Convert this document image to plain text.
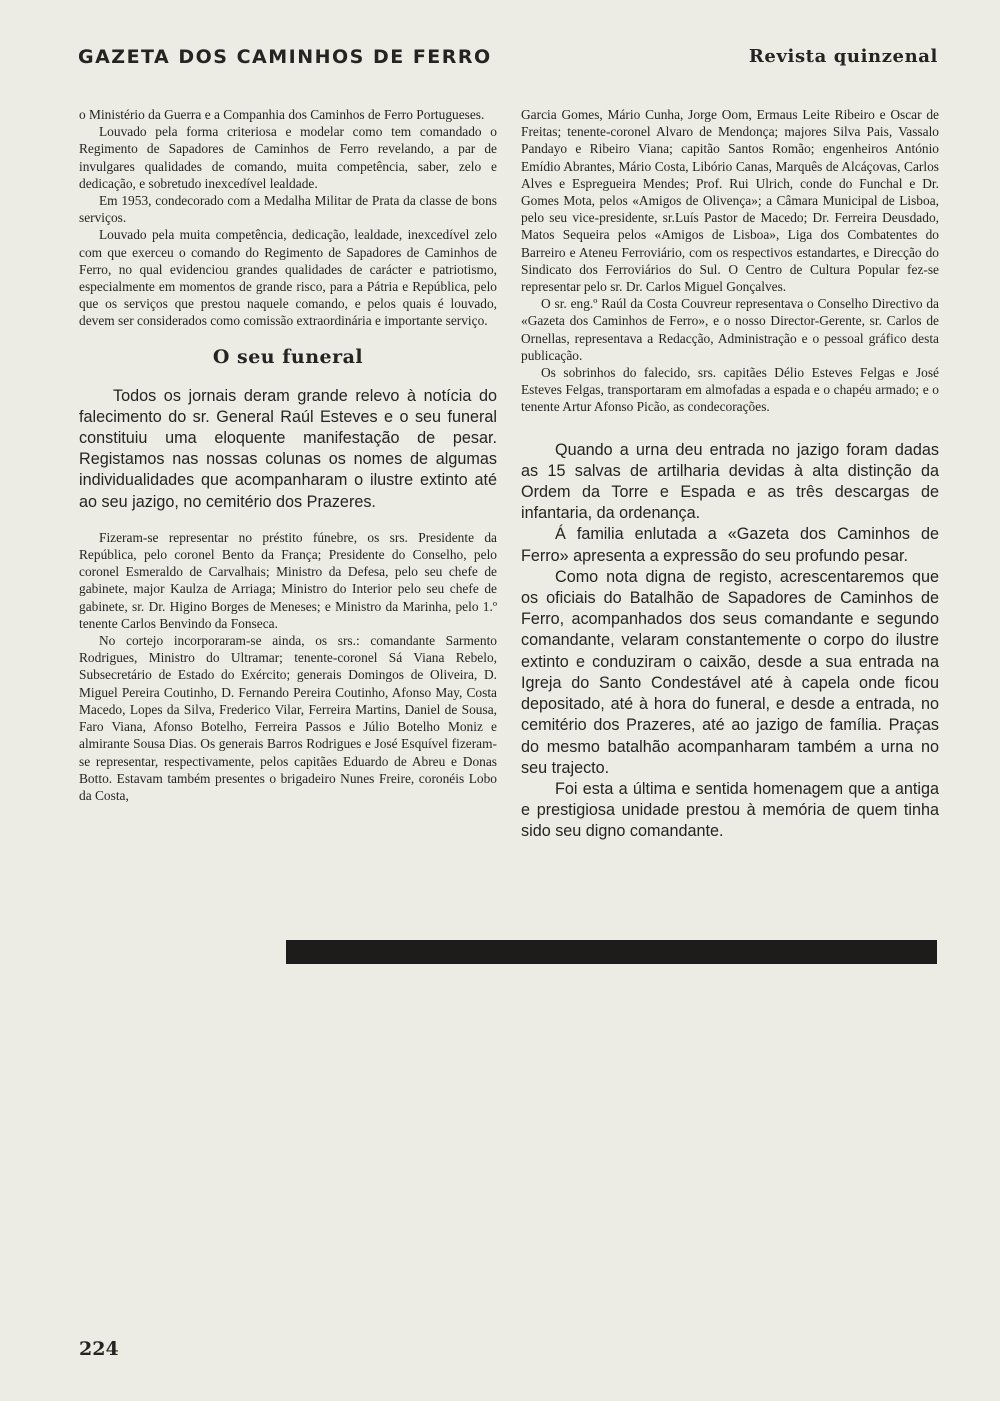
GAZETA DOS CAMINHOS DE FERRO	Revista quinzenal

o Ministério da Guerra e a Companhia dos Caminhos de Ferro Portugueses.

Louvado pela forma criteriosa e modelar como tem comandado o Regimento de Sapadores de Caminhos de Ferro revelando, a par de invulgares qualidades de comando, muita competência, saber, zelo e dedicação, e sobretudo inexcedível lealdade.

Em 1953, condecorado com a Medalha Militar de Prata da classe de bons serviços.

Louvado pela muita competência, dedicação, lealdade, inexcedível zelo com que exerceu o comando do Regimento de Sapadores de Caminhos de Ferro, no qual evidenciou grandes qualidades de carácter e patriotismo, especialmente em momentos de grande risco, para a Pátria e República, pelo que os serviços que prestou naquele comando, e pelos quais é louvado, devem ser considerados como comissão extraordinária e importante serviço.

O seu funeral

Todos os jornais deram grande relevo à notícia do falecimento do sr. General Raúl Esteves e o seu funeral constituiu uma eloquente manifestação de pesar. Registamos nas nossas colunas os nomes de algumas individualidades que acompanharam o ilustre extinto até ao seu jazigo, no cemitério dos Prazeres.

Fizeram-se representar no préstito fúnebre, os srs. Presidente da República, pelo coronel Bento da França; Presidente do Conselho, pelo coronel Esmeraldo de Carvalhais; Ministro da Defesa, pelo seu chefe de gabinete, major Kaulza de Arriaga; Ministro do Interior pelo seu chefe de gabinete, sr. Dr. Higino Borges de Meneses; e Ministro da Marinha, pelo 1.º tenente Carlos Benvindo da Fonseca.

No cortejo incorporaram-se ainda, os srs.: comandante Sarmento Rodrigues, Ministro do Ultramar; tenente-coronel Sá Viana Rebelo, Subsecretário de Estado do Exército; generais Domingos de Oliveira, D. Miguel Pereira Coutinho, D. Fernando Pereira Coutinho, Afonso May, Costa Macedo, Lopes da Silva, Frederico Vilar, Ferreira Martins, Daniel de Sousa, Faro Viana, Afonso Botelho, Ferreira Passos e Júlio Botelho Moniz e almirante Sousa Dias. Os generais Barros Rodrigues e José Esquível fizeram-se representar, respectivamente, pelos capitães Eduardo de Abreu e Donas Botto. Estavam também presentes o brigadeiro Nunes Freire, coronéis Lobo da Costa,

Garcia Gomes, Mário Cunha, Jorge Oom, Ermaus Leite Ribeiro e Oscar de Freitas; tenente-coronel Alvaro de Mendonça; majores Silva Pais, Vassalo Pandayo e Ribeiro Viana; capitão Santos Romão; engenheiros António Emídio Abrantes, Mário Costa, Libório Canas, Marquês de Alcáçovas, Carlos Alves e Espregueira Mendes; Prof. Rui Ulrich, conde do Funchal e Dr. Gomes Mota, pelos «Amigos de Olivença»; a Câmara Municipal de Lisboa, pelo seu vice-presidente, sr.Luís Pastor de Macedo; Dr. Ferreira Deusdado, Matos Sequeira pelos «Amigos de Lisboa», Liga dos Combatentes do Barreiro e Ateneu Ferroviário, com os respectivos estandartes, e Direcção do Sindicato dos Ferroviários do Sul. O Centro de Cultura Popular fez-se representar pelo sr. Dr. Carlos Miguel Gonçalves.

O sr. eng.º Raúl da Costa Couvreur representava o Conselho Directivo da «Gazeta dos Caminhos de Ferro», e o nosso Director-Gerente, sr. Carlos de Ornellas, representava a Redacção, Administração e o pessoal gráfico desta publicação.

Os sobrinhos do falecido, srs. capitães Délio Esteves Felgas e José Esteves Felgas, transportaram em almofadas a espada e o chapéu armado; e o tenente Artur Afonso Picão, as condecorações.

Quando a urna deu entrada no jazigo foram dadas as 15 salvas de artilharia devidas à alta distinção da Ordem da Torre e Espada e as três descargas de infantaria, da ordenança.

Á familia enlutada a «Gazeta dos Caminhos de Ferro» apresenta a expressão do seu profundo pesar.

Como nota digna de registo, acrescentaremos que os oficiais do Batalhão de Sapadores de Caminhos de Ferro, acompanhados dos seus comandante e segundo comandante, velaram constantemente o corpo do ilustre extinto e conduziram o caixão, desde a sua entrada na Igreja do Santo Condestável até à capela onde ficou depositado, até à hora do funeral, e desde a entrada, no cemitério dos Prazeres, até ao jazigo de família. Praças do mesmo batalhão acompanharam também a urna no seu trajecto.

Foi esta a última e sentida homenagem que a antiga e prestigiosa unidade prestou à memória de quem tinha sido seu digno comandante.

224
